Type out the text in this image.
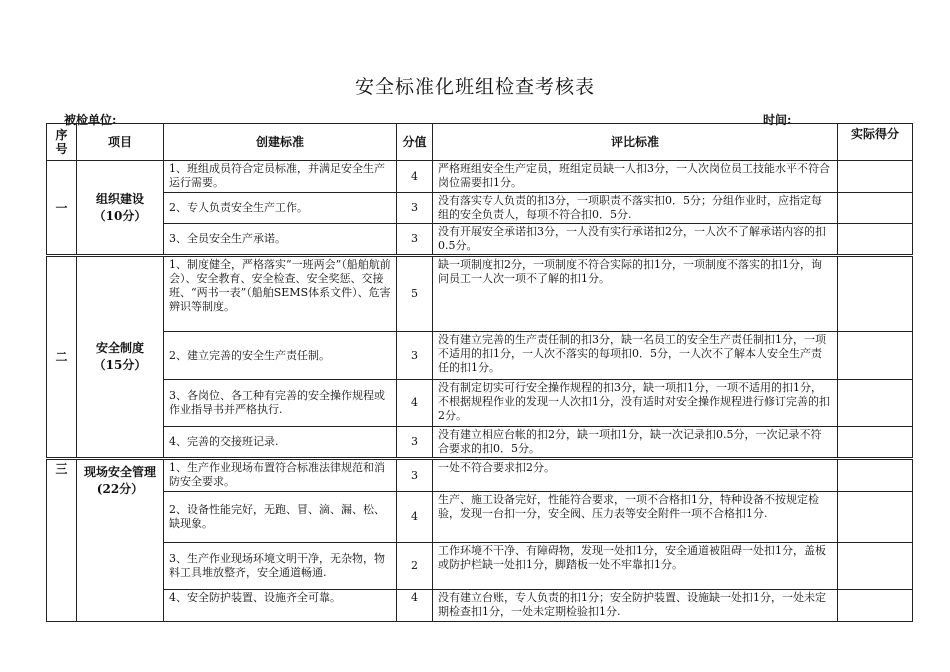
安全标准化班组检查考核表
被检单位:	时间:
序号	项目	创建标准	分值	评比标准	实际得分
一	组织建设（10分）	1、班组成员符合定员标准，并满足安全生产运行需要。	4	严格班组安全生产定员，班组定员缺一人扣3分，一人次岗位员工技能水平不符合岗位需要扣1分。	
		2、专人负责安全生产工作。	3	没有落实专人负责的扣3分，一项职责不落实扣0．5分；分组作业时，应指定每组的安全负责人，每项不符合扣0．5分.	
		3、全员安全生产承诺。	3	没有开展安全承诺扣3分，一人没有实行承诺扣2分，一人次不了解承诺内容的扣0.5分。	
二	安全制度（15分）	1、制度健全，严格落实“一班两会”（船舶航前会）、安全教育、安全检查、安全奖惩、交接班、“两书一表”（船舶SEMS体系文件）、危害辨识等制度。	5	缺一项制度扣2分，一项制度不符合实际的扣1分，一项制度不落实的扣1分，询问员工一人次一项不了解的扣1分。	
		2、建立完善的安全生产责任制。	3	没有建立完善的生产责任制的扣3分，缺一名员工的安全生产责任制扣1分，一项不适用的扣1分，一人次不落实的每项扣0．5分，一人次不了解本人安全生产责任的扣1分。	
		3、各岗位、各工种有完善的安全操作规程或作业指导书并严格执行.	4	没有制定切实可行安全操作规程的扣3分，缺一项扣1分，一项不适用的扣1分，不根据规程作业的发现一人次扣1分，没有适时对安全操作规程进行修订完善的扣2分。	
		4、完善的交接班记录.	3	没有建立相应台帐的扣2分，缺一项扣1分，缺一次记录扣0.5分，一次记录不符合要求的扣0．5分。	
三	现场安全管理(22分）	1、生产作业现场布置符合标准法律规范和消防安全要求。	3	一处不符合要求扣2分。	
		2、设备性能完好，无跑、冒、滴、漏、松、缺现象。	4	生产、施工设备完好，性能符合要求，一项不合格扣1分，特种设备不按规定检验，发现一台扣一分，安全阀、压力表等安全附件一项不合格扣1分.	
		3、生产作业现场环境文明干净，无杂物，物料工具堆放整齐，安全通道畅通.	2	工作环境不干净、有障碍物，发现一处扣1分，安全通道被阻碍一处扣1分，盖板或防护栏缺一处扣1分，脚踏板一处不牢靠扣1分。	
		4、安全防护装置、设施齐全可靠。	4	没有建立台账，专人负责的扣1分；安全防护装置、设施缺一处扣1分，一处未定期检查扣1分，一处未定期检验扣1分.	
